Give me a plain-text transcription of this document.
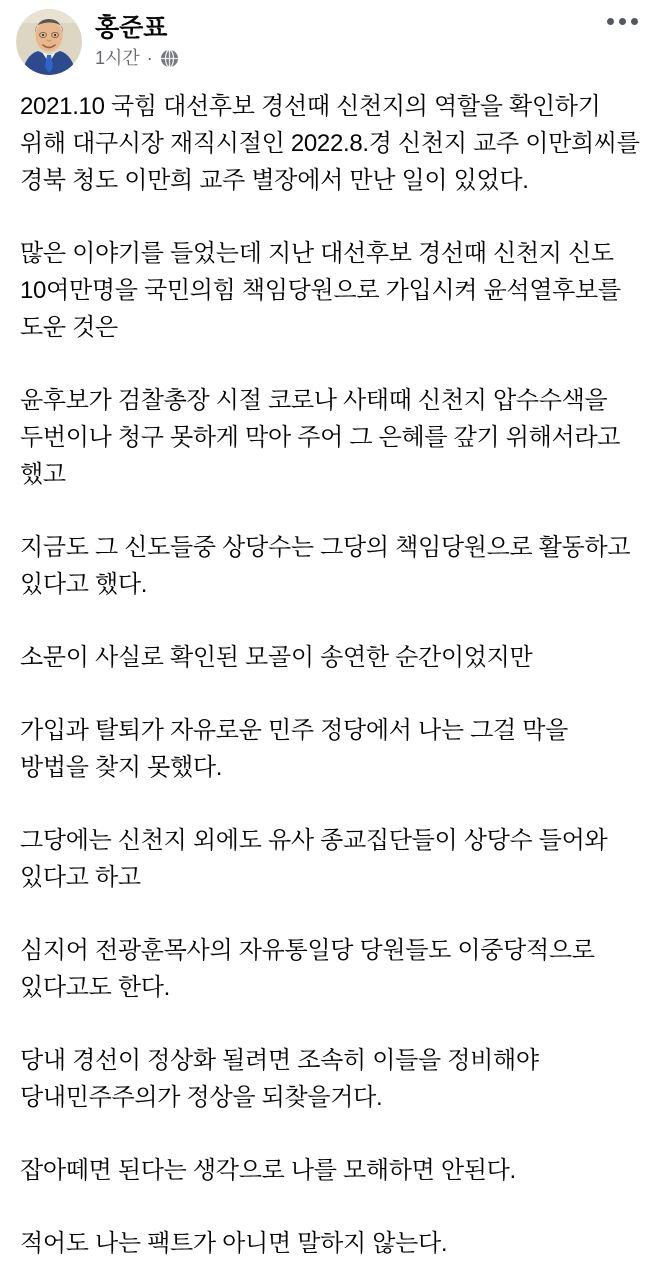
홍준표
1시간 ·

2021.10 국힘 대선후보 경선때 신천지의 역할을 확인하기 위해 대구시장 재직시절인 2022.8.경 신천지 교주 이만희씨를 경북 청도 이만희 교주 별장에서 만난 일이 있었다.

많은 이야기를 들었는데 지난 대선후보 경선때 신천지 신도 10여만명을 국민의힘 책임당원으로 가입시켜 윤석열후보를 도운 것은

윤후보가 검찰총장 시절 코로나 사태때 신천지 압수수색을 두번이나 청구 못하게 막아 주어 그 은혜를 갚기 위해서라고 했고

지금도 그 신도들중 상당수는 그당의 책임당원으로 활동하고 있다고 했다.

소문이 사실로 확인된 모골이 송연한 순간이었지만

가입과 탈퇴가 자유로운 민주 정당에서 나는 그걸 막을 방법을 찾지 못했다.

그당에는 신천지 외에도 유사 종교집단들이 상당수 들어와 있다고 하고

심지어 전광훈목사의 자유통일당 당원들도 이중당적으로 있다고도 한다.

당내 경선이 정상화 될려면 조속히 이들을 정비해야 당내민주주의가 정상을 되찾을거다.

잡아떼면 된다는 생각으로 나를 모해하면 안된다.

적어도 나는 팩트가 아니면 말하지 않는다.
